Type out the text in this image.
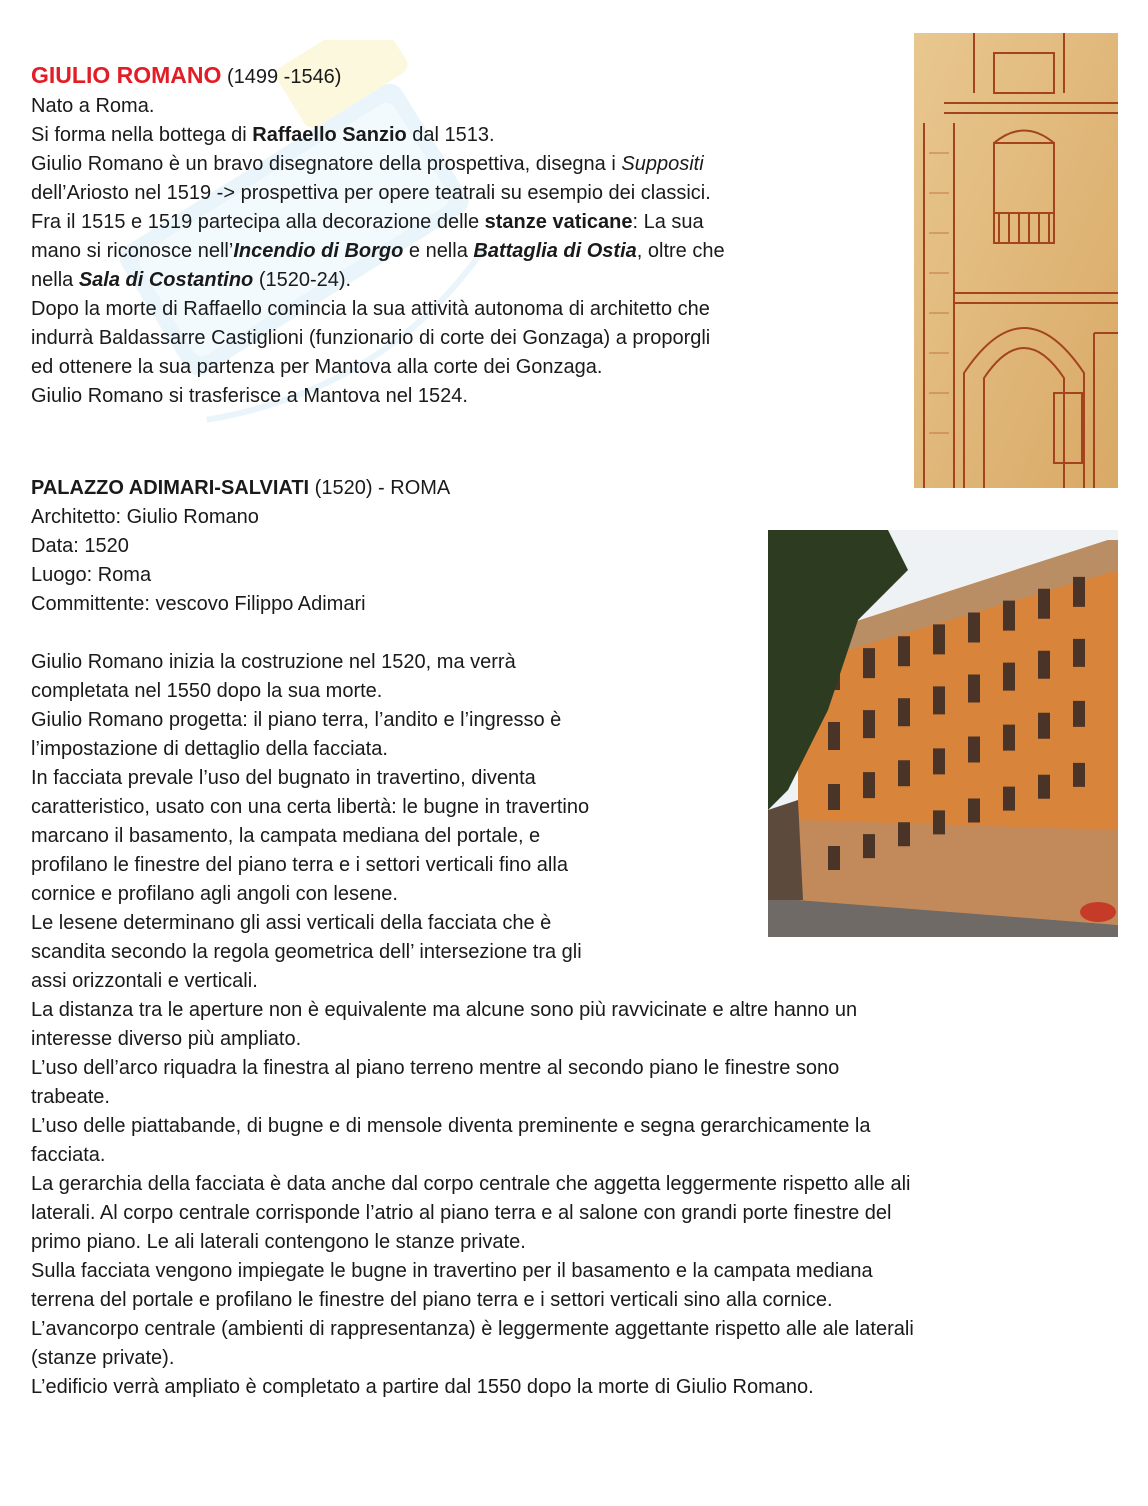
GIULIO ROMANO (1499 -1546)
Nato a Roma.
Si forma nella bottega di Raffaello Sanzio dal 1513.
Giulio Romano è un bravo disegnatore della prospettiva, disegna i Suppositi
dell’Ariosto nel 1519 -> prospettiva per opere teatrali su esempio dei classici.
Fra il 1515 e 1519 partecipa alla decorazione delle stanze vaticane: La sua
mano si riconosce nell’Incendio di Borgo e nella Battaglia di Ostia, oltre che
nella Sala di Costantino (1520-24).
Dopo la morte di Raffaello comincia la sua attività autonoma di architetto che
indurrà Baldassarre Castiglioni (funzionario di corte dei Gonzaga) a proporgli
ed ottenere la sua partenza per Mantova alla corte dei Gonzaga.
Giulio Romano si trasferisce a Mantova nel 1524.
PALAZZO ADIMARI-SALVIATI (1520) - ROMA
Architetto: Giulio Romano
Data: 1520
Luogo: Roma
Committente: vescovo Filippo Adimari
Giulio Romano inizia la costruzione nel 1520, ma verrà
completata nel 1550 dopo la sua morte.
Giulio Romano progetta: il piano terra, l’andito e l’ingresso è
l’impostazione di dettaglio della facciata.
In facciata prevale l’uso del bugnato in travertino, diventa
caratteristico, usato con una certa libertà: le bugne in travertino
marcano il basamento, la campata mediana del portale, e
profilano le finestre del piano terra e i settori verticali fino alla
cornice e profilano agli angoli con lesene.
Le lesene determinano gli assi verticali della facciata che è
scandita secondo la regola geometrica dell’ intersezione tra gli
assi orizzontali e verticali.
La distanza tra le aperture non è equivalente ma alcune sono più ravvicinate e altre hanno un
interesse diverso più ampliato.
L’uso dell’arco riquadra la finestra al piano terreno mentre al secondo piano le finestre sono
trabeate.
L’uso delle piattabande, di bugne e di mensole diventa preminente e segna gerarchicamente la
facciata.
La gerarchia della facciata è data anche dal corpo centrale che aggetta leggermente rispetto alle ali
laterali. Al corpo centrale corrisponde l’atrio al piano terra e al salone con grandi porte finestre del
primo piano. Le ali laterali contengono le stanze private.
Sulla facciata vengono impiegate le bugne in travertino per il basamento e la campata mediana
terrena del portale e profilano le finestre del piano terra e i settori verticali sino alla cornice.
L’avancorpo centrale (ambienti di rappresentanza) è leggermente aggettante rispetto alle ale laterali
(stanze private).
L’edificio verrà ampliato è completato a partire dal 1550 dopo la morte di Giulio Romano.
